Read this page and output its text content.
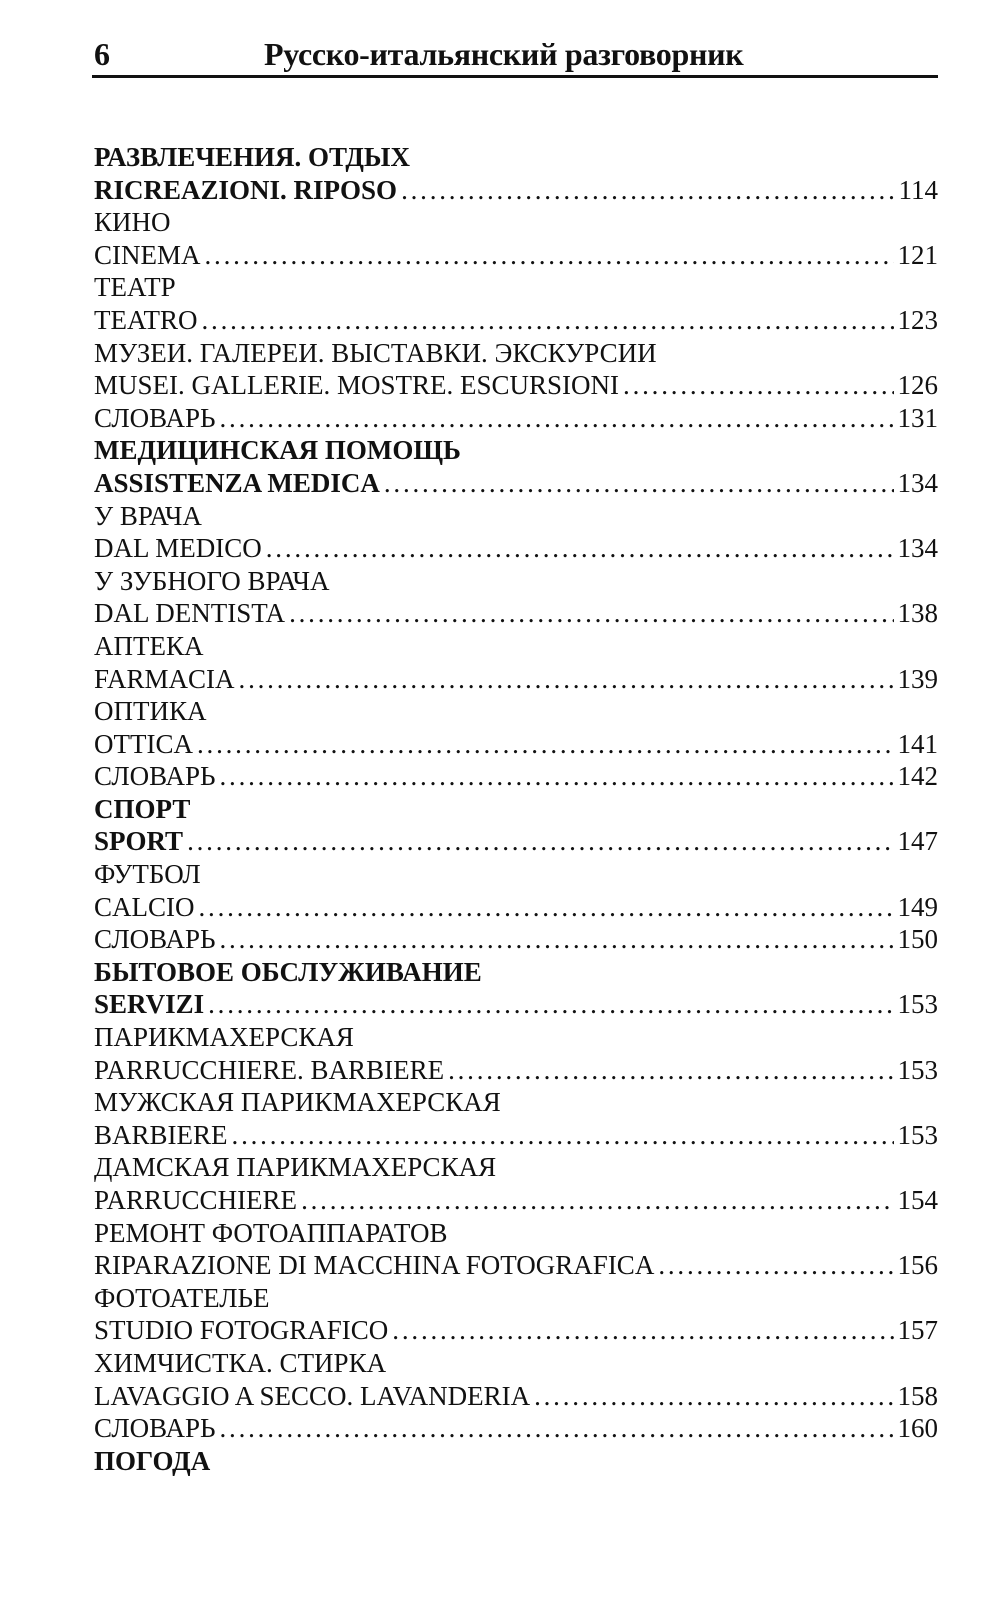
6	Русско-итальянский разговорник
РАЗВЛЕЧЕНИЯ. ОТДЫХ
RICREAZIONI. RIPOSO .....	114
КИНО
CINEMA .....	121
ТЕАТР
TEATRO .....	123
МУЗЕИ. ГАЛЕРЕИ. ВЫСТАВКИ. ЭКСКУРСИИ
MUSEI. GALLERIE. MOSTRE. ESCURSIONI .....	126
СЛОВАРЬ .....	131
МЕДИЦИНСКАЯ ПОМОЩЬ
ASSISTENZA MEDICA .....	134
У ВРАЧА
DAL MEDICO .....	134
У ЗУБНОГО ВРАЧА
DAL DENTISTA .....	138
АПТЕКА
FARMACIA .....	139
ОПТИКА
OTTICA .....	141
СЛОВАРЬ .....	142
СПОРТ
SPORT .....	147
ФУТБОЛ
CALCIO .....	149
СЛОВАРЬ .....	150
БЫТОВОЕ ОБСЛУЖИВАНИЕ
SERVIZI .....	153
ПАРИКМАХЕРСКАЯ
PARRUCCHIERE. BARBIERE .....	153
МУЖСКАЯ ПАРИКМАХЕРСКАЯ
BARBIERE .....	153
ДАМСКАЯ ПАРИКМАХЕРСКАЯ
PARRUCCHIERE .....	154
РЕМОНТ ФОТОАППАРАТОВ
RIPARAZIONE DI MACCHINA FOTOGRAFICA .....	156
ФОТОАТЕЛЬЕ
STUDIO FOTOGRAFICO .....	157
ХИМЧИСТКА. СТИРКА
LAVAGGIO A SECCO. LAVANDERIA .....	158
СЛОВАРЬ .....	160
ПОГОДА
